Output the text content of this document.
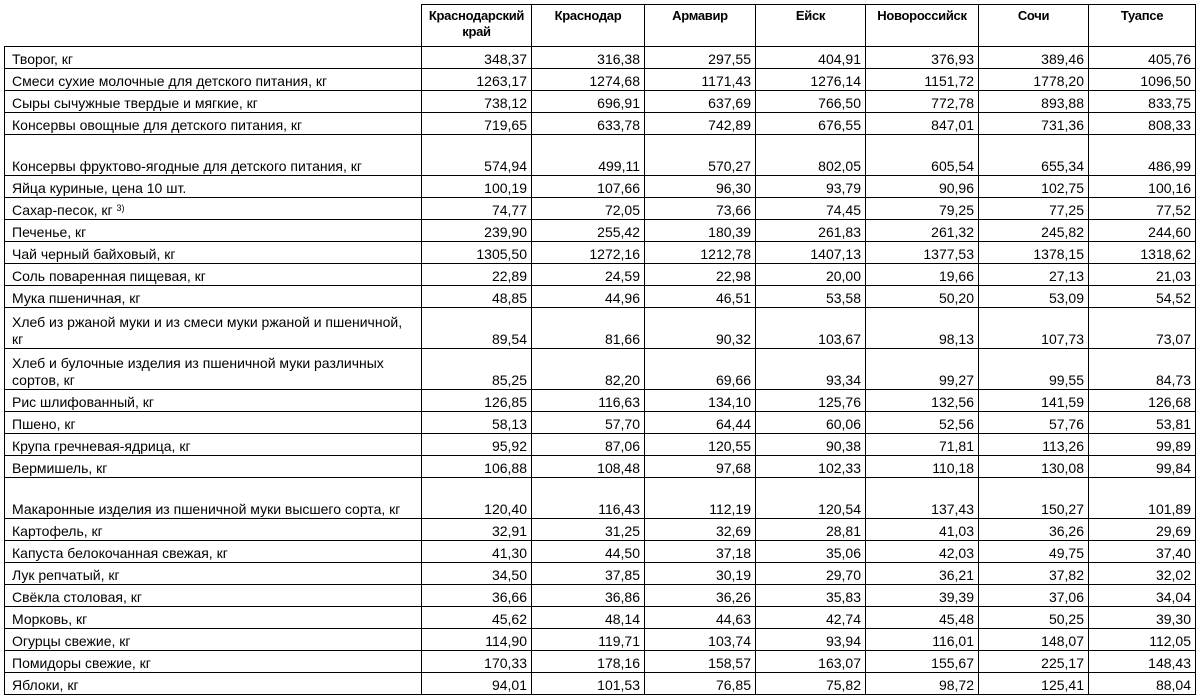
	Краснодарский край	Краснодар	Армавир	Ейск	Новороссийск	Сочи	Туапсе
Творог, кг	348,37	316,38	297,55	404,91	376,93	389,46	405,76
Смеси сухие молочные для детского питания, кг	1263,17	1274,68	1171,43	1276,14	1151,72	1778,20	1096,50
Сыры сычужные твердые и мягкие, кг	738,12	696,91	637,69	766,50	772,78	893,88	833,75
Консервы овощные для детского питания, кг	719,65	633,78	742,89	676,55	847,01	731,36	808,33
Консервы фруктово-ягодные для детского питания, кг	574,94	499,11	570,27	802,05	605,54	655,34	486,99
Яйца куриные, цена 10 шт.	100,19	107,66	96,30	93,79	90,96	102,75	100,16
Сахар-песок, кг $^{3)}$	74,77	72,05	73,66	74,45	79,25	77,25	77,52
Печенье, кг	239,90	255,42	180,39	261,83	261,32	245,82	244,60
Чай черный байховый, кг	1305,50	1272,16	1212,78	1407,13	1377,53	1378,15	1318,62
Соль поваренная пищевая, кг	22,89	24,59	22,98	20,00	19,66	27,13	21,03
Мука пшеничная, кг	48,85	44,96	46,51	53,58	50,20	53,09	54,52
Хлеб из ржаной муки и из смеси муки ржаной и пшеничной, кг	89,54	81,66	90,32	103,67	98,13	107,73	73,07
Хлеб и булочные изделия из пшеничной муки различных сортов, кг	85,25	82,20	69,66	93,34	99,27	99,55	84,73
Рис шлифованный, кг	126,85	116,63	134,10	125,76	132,56	141,59	126,68
Пшено, кг	58,13	57,70	64,44	60,06	52,56	57,76	53,81
Крупа гречневая-ядрица, кг	95,92	87,06	120,55	90,38	71,81	113,26	99,89
Вермишель, кг	106,88	108,48	97,68	102,33	110,18	130,08	99,84
Макаронные изделия из пшеничной муки высшего сорта, кг	120,40	116,43	112,19	120,54	137,43	150,27	101,89
Картофель, кг	32,91	31,25	32,69	28,81	41,03	36,26	29,69
Капуста белокочанная свежая, кг	41,30	44,50	37,18	35,06	42,03	49,75	37,40
Лук репчатый, кг	34,50	37,85	30,19	29,70	36,21	37,82	32,02
Свёкла столовая, кг	36,66	36,86	36,26	35,83	39,39	37,06	34,04
Морковь, кг	45,62	48,14	44,63	42,74	45,48	50,25	39,30
Огурцы свежие, кг	114,90	119,71	103,74	93,94	116,01	148,07	112,05
Помидоры свежие, кг	170,33	178,16	158,57	163,07	155,67	225,17	148,43
Яблоки, кг	94,01	101,53	76,85	75,82	98,72	125,41	88,04
